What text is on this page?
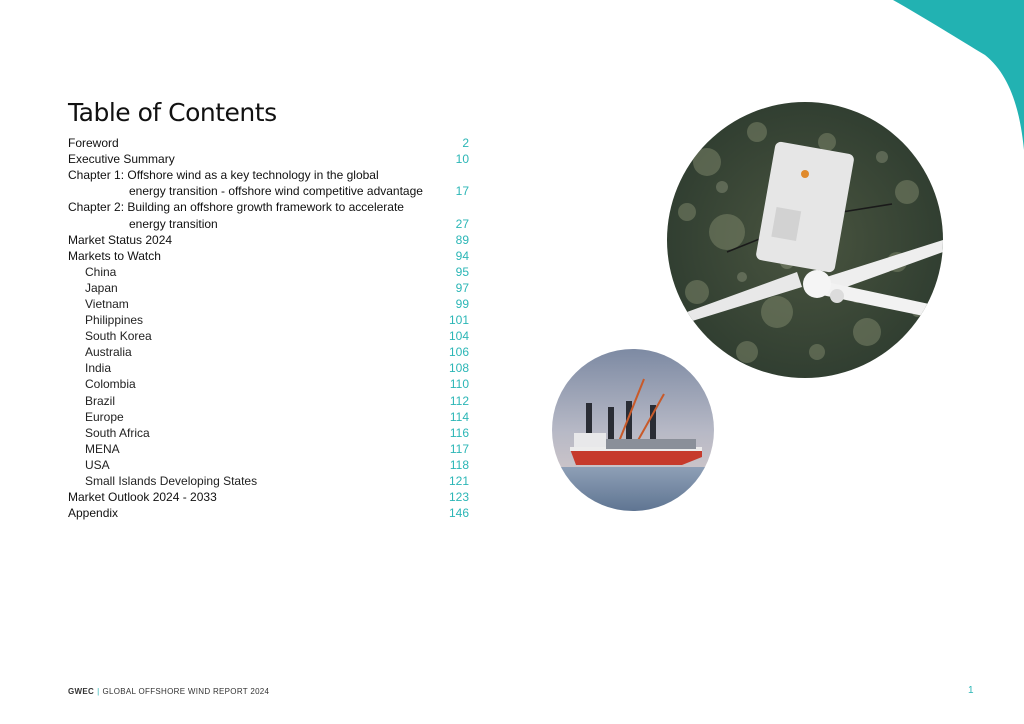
Table of Contents
Foreword	2
Executive Summary	10
Chapter 1: Offshore wind as a key technology in the global
energy transition - offshore wind competitive advantage	17
Chapter 2: Building an offshore growth framework to accelerate
energy transition	27
Market Status 2024	89
Markets to Watch	94
China	95
Japan	97
Vietnam	99
Philippines	101
South Korea	104
Australia	106
India	108
Colombia	110
Brazil	112
Europe	114
South Africa	116
MENA	117
USA	118
Small Islands Developing States	121
Market Outlook 2024 - 2033	123
Appendix	146
GWEC | GLOBAL OFFSHORE WIND REPORT 2024	1
